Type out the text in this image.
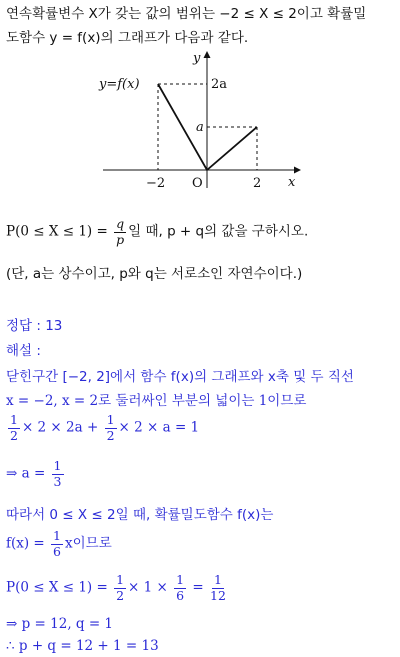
연속확률변수 X가 갖는 값의 범위는 −2 ≤ X ≤ 2이고 확률밀
도함수 y = f(x)의 그래프가 다음과 같다.
y
x
O
y=f(x)	2a
a
−2	2
$P(0 \le X \le 1) = \frac{q}{p}$ 일 때, p + q의 값을 구하시오.
(단, a는 상수이고, p와 q는 서로소인 자연수이다.)
정답 : 13
해설 :
닫힌구간 [−2, 2]에서 함수 f(x)의 그래프와 x축 및 두 직선
x = −2, x = 2로 둘러싸인 부분의 넓이는 1이므로
$\frac{1}{2} \times 2 \times 2a + \frac{1}{2} \times 2 \times a = 1$
⇒ $a = \frac{1}{3}$
따라서 0 ≤ X ≤ 2일 때, 확률밀도함수 f(x)는
$f(x) = \frac{1}{6}$ x이므로
$P(0 \le X \le 1) = \frac{1}{2} \times 1 \times \frac{1}{6} = \frac{1}{12}$
⇒ p = 12, q = 1
∴ p + q = 12 + 1 = 13
